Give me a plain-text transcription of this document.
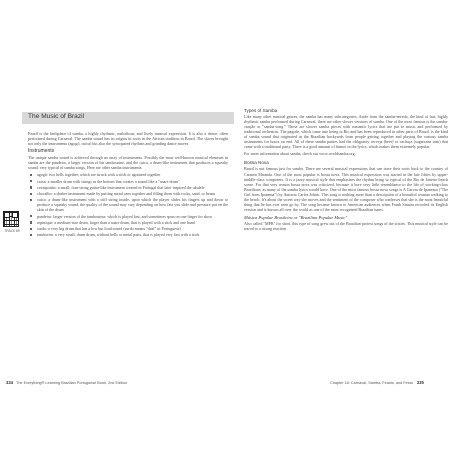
The Music of Brazil

Brazil is the birthplace of samba, a highly rhythmic, melodious, and lively musical expression. It is also a dance, often performed during Carnaval. The samba sound has its origins in roots in the African tradition in Brazil. The slaves brought not only the instruments (agogô, cuíca) but also the syncopated rhythms and grinding dance moves.

Instruments

The unique samba sound is achieved through an array of instruments. Possibly the most well-known musical elements in samba are the pandeiro, a larger version of the tambourine, and the cuíca, a drum-like instrument that produces a squeaky sound, very typical of samba songs. Here are other samba instruments:

agogô: two bells together, which are struck with a stick or agonized together
caixa: a smaller drum with strings in the bottom that creates a sound like a "snare drum"
cavaquinho: a small, four-string guitar-like instrument created in Portugal that later inspired the ukulele
chocalho: a shaker instrument made by putting metal cans together and filling them with rocks, sand, or beans
cuíca: a drum-like instrument with a stiff string inside, upon which the player slides his fingers up and down to produce a squeaky sound, the quality of the sound may vary depending on how fast you slide and pressure put on the skin of the drum
pandeiro: larger version of the tambourine, which is played fast, and sometimes spun on one finger for show
repinique: a medium-size drum, larger than a snare drum, that is played with a stick and one hand
surdo: a very big drum that has a low but loud sound (surdo means "deaf" in Portuguese)
tamborim: a very small, drum drum, without bells or metal parts, that is played very fast with a stick
TRACK 89
334 The Everything® Learning Brazilian Portuguese Book, 2nd Edition
Types of Samba

Like many other musical genres, the samba has many subcategories. Aside from the samba-enredo, the kind of fast, highly rhythmic samba performed during Carnaval, there are other slower versions of samba. One of the most famous is the samba-canção or "samba-song." These are slower samba pieces with romantic lyrics that are put to music and performed by traditional orchestras. The pagode, which came into being in Rio and has been reproduced in other parts of Brazil, is the kind of samba sound that originated in the Brazilian backyards from people getting together and playing the various samba instruments for hours on end. All of these samba parties had the obligatory cerveja (beer) or cachaça (sugarcane rum) that came with a traditional party. There is a good amount of humor in the lyrics, which makes them extremely popular.

For more information about samba, check out www.worldsamba.org.

Bossa Nova

Brazil is not famous just for samba. There are several musical expressions that can trace their roots back to the country of Carmen Miranda. One of the most popular is bossa nova. This musical expression was started in the late fifties by upper-middle-class composers. It is a jazzy musical style that emphasizes the rhythm bring so typical of the Rio de Janeiro beach scene. For that very reason bossa nova was criticized, because it bore very little resemblance to the life of working-class Brazilians, as many of the samba lyrics would have. One of the most famous bossa nova songs is A Garota de Ipanema ("The Girl from Ipanema") by Antonio Carlos Jobim. This song is nothing more than a description of a beautiful woman walking to the beach. It's about the sweet way she moves and the sentiment of the composer who confesses that she is the most beautiful thing that he has ever seen go by. The song became known to American audiences when Frank Sinatra recorded its English version and is known all over the world as one of the most recognized Brazilian tunes.

Música Popular Brasileira or "Brazilian Popular Music"

Also called "MPB" for short, this type of song grew out of the Brazilian protest songs of the sixties. This musical style can be traced to a strong reaction

Chapter 18: Carnaval, Samba, Feasts, and Festa 335
